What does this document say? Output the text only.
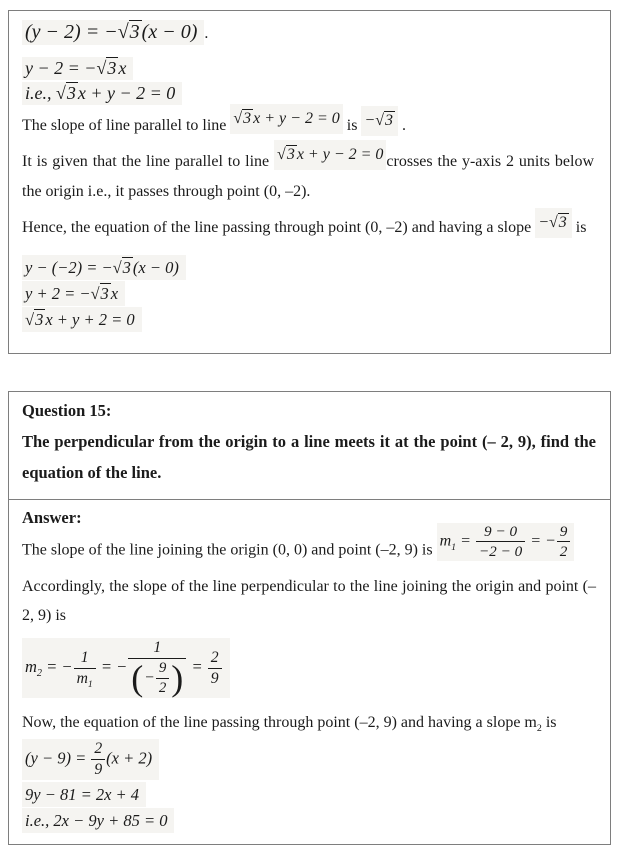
(y − 2) = −√3 (x − 0) .
y − 2 = −√3 x
i.e., √3 x + y − 2 = 0

The slope of line parallel to line √3 x + y − 2 = 0 is −√3 .

It is given that the line parallel to line √3 x + y − 2 = 0 crosses the y-axis 2 units below the origin i.e., it passes through point (0, –2).

Hence, the equation of the line passing through point (0, –2) and having a slope −√3 is

y − (−2) = −√3 (x − 0)
y + 2 = −√3 x
√3 x + y + 2 = 0
Question 15:

The perpendicular from the origin to a line meets it at the point (– 2, 9), find the equation of the line.

Answer:

The slope of the line joining the origin (0, 0) and point (–2, 9) is $m_1 = \frac{9 - 0}{-2 - 0}$ = − $\frac{9}{2}$

Accordingly, the slope of the line perpendicular to the line joining the origin and point (– 2, 9) is

$m_2$ = − $\frac{1}{m_1}$ = − $\frac{1}{( - \frac{9}{2} )} = \frac{2}{9}$

Now, the equation of the line passing through point (–2, 9) and having a slope $m_2$ is

$(y - 9) = \frac{2}{9} (x + 2)$
9y − 81 = 2x + 4
i.e., 2x − 9y + 85 = 0
